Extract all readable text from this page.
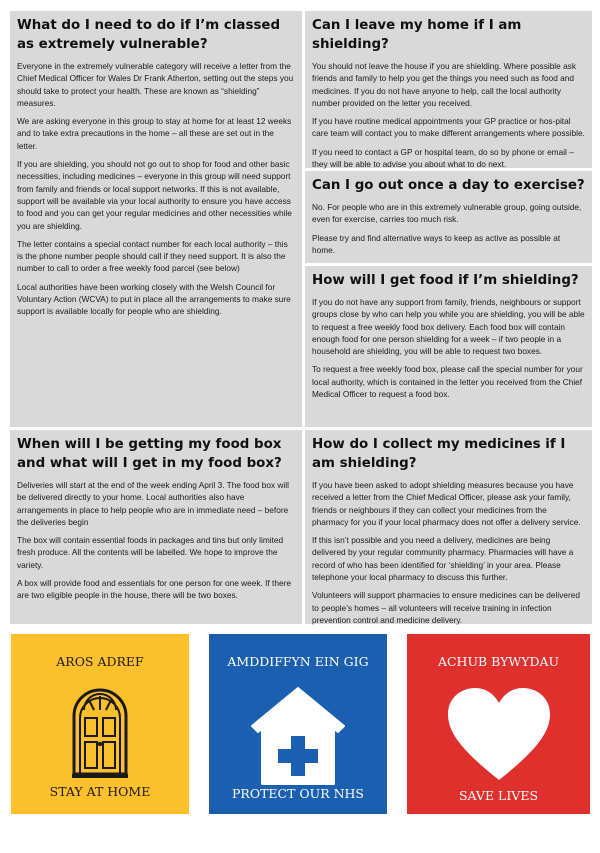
What do I need to do if I’m classed as extremely vulnerable?

Everyone in the extremely vulnerable category will receive a letter from the Chief Medical Officer for Wales Dr Frank Atherton, setting out the steps you should take to protect your health. These are known as “shielding” measures.

We are asking everyone in this group to stay at home for at least 12 weeks and to take extra precautions in the home – all these are set out in the letter.

If you are shielding, you should not go out to shop for food and other basic necessities, including medicines – everyone in this group will need support from family and friends or local support networks. If this is not available, support will be available via your local authority to ensure you have access to food and you can get your regular medicines and other necessities while you are shielding.

The letter contains a special contact number for each local authority – this is the phone number people should call if they need support. It is also the number to call to order a free weekly food parcel (see below)

Local authorities have been working closely with the Welsh Council for Voluntary Action (WCVA) to put in place all the arrangements to make sure support is available locally for people who are shielding.

Can I leave my home if I am shielding?

You should not leave the house if you are shielding. Where possible ask friends and family to help you get the things you need such as food and medicines. If you do not have anyone to help, call the local authority number provided on the letter you received.

If you have routine medical appointments your GP practice or hos-pital care team will contact you to make different arrangements where possible.

If you need to contact a GP or hospital team, do so by phone or email – they will be able to advise you about what to do next.

Can I go out once a day to exercise?

No. For people who are in this extremely vulnerable group, going outside, even for exercise, carries too much risk.

Please try and find alternative ways to keep as active as possible at home.

How will I get food if I’m shielding?

If you do not have any support from family, friends, neighbours or support groups close by who can help you while you are shielding, you will be able to request a free weekly food box delivery. Each food box will contain enough food for one person shielding for a week – if two people in a household are shielding, you will be able to request two boxes.

To request a free weekly food box, please call the special number for your local authority, which is contained in the letter you received from the Chief Medical Officer to request a food box.

When will I be getting my food box and what will I get in my food box?

Deliveries will start at the end of the week ending April 3. The food box will be delivered directly to your home. Local authorities also have arrangements in place to help people who are in immediate need – before the deliveries begin

The box will contain essential foods in packages and tins but only limited fresh produce. All the contents will be labelled. We hope to improve the variety.

A box will provide food and essentials for one person for one week. If there are two eligible people in the house, there will be two boxes.

How do I collect my medicines if I am shielding?

If you have been asked to adopt shielding measures because you have received a letter from the Chief Medical Officer, please ask your family, friends or neighbours if they can collect your medicines from the pharmacy for you if your local pharmacy does not offer a delivery service.

If this isn’t possible and you need a delivery, medicines are being delivered by your regular community pharmacy. Pharmacies will have a record of who has been identified for ‘shielding’ in your area. Please telephone your local pharmacy to discuss this further.

Volunteers will support pharmacies to ensure medicines can be delivered to people’s homes – all volunteers will receive training in infection prevention control and medicine delivery.

AROS ADREF
STAY AT HOME
AMDDIFFYN EIN GIG
PROTECT OUR NHS
ACHUB BYWYDAU
SAVE LIVES
